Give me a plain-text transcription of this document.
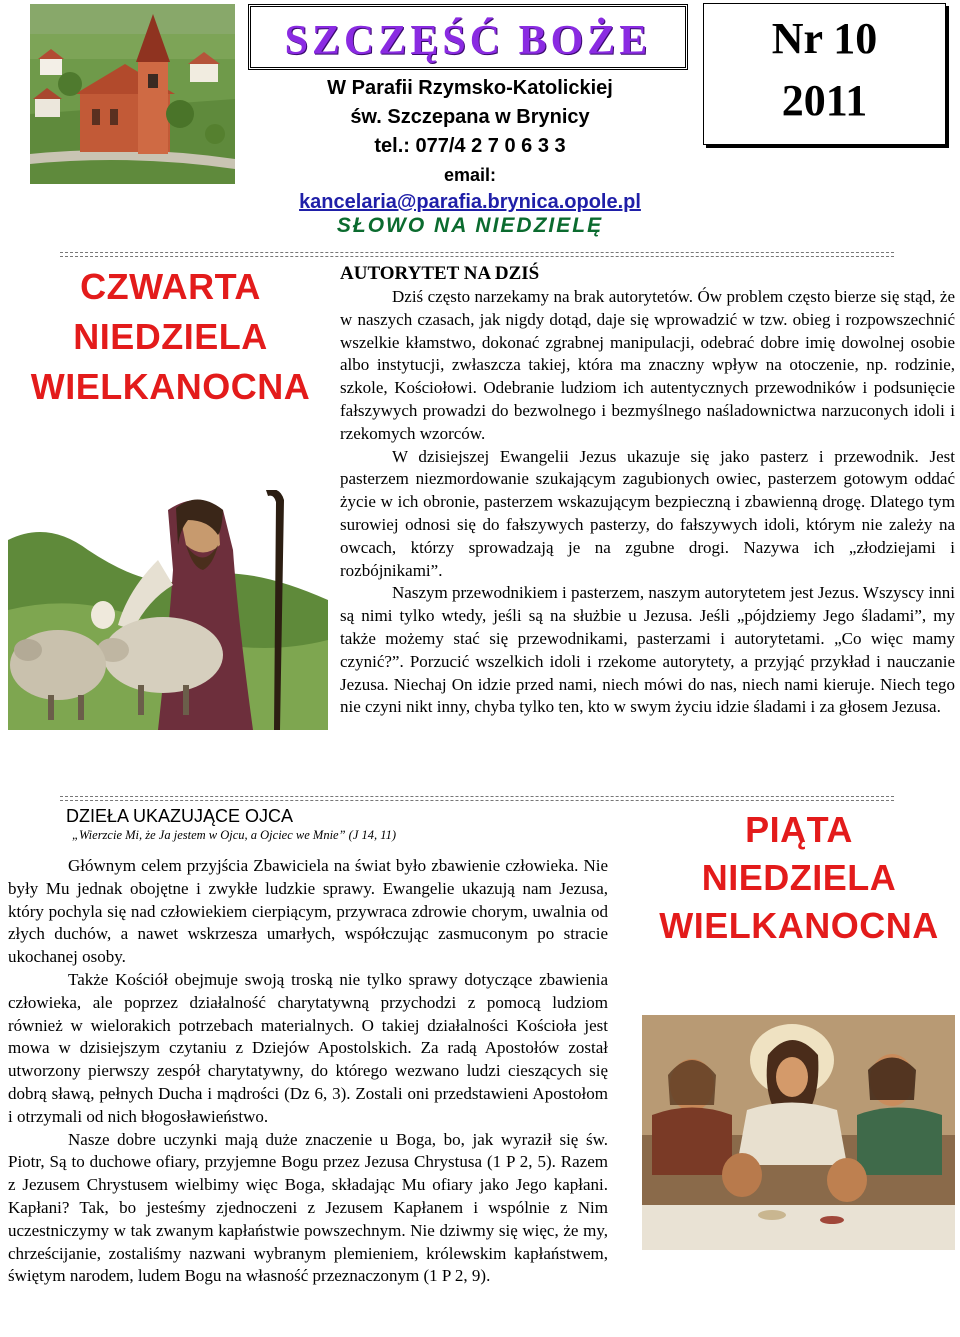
SZCZĘŚĆ BOŻE
W Parafii Rzymsko-Katolickiej
św. Szczepana w Brynicy
tel.: 077/4 2 7 0 6 3 3
email:
kancelaria@parafia.brynica.opole.pl
Nr 10
2011
SŁOWO NA NIEDZIELĘ
CZWARTA
NIEDZIELA
WIELKANOCNA
AUTORYTET NA DZIŚ

Dziś często narzekamy na brak autorytetów. Ów problem często bierze się stąd, że w naszych czasach, jak nigdy dotąd, daje się wprowadzić w tzw. obieg i rozpowszechnić wszelkie kłamstwo, dokonać zgrabnej manipulacji, odebrać dobre imię dowolnej osobie albo instytucji, zwłaszcza takiej, która ma znaczny wpływ na otoczenie, np. rodzinie, szkole, Kościołowi. Odebranie ludziom ich autentycznych przewodników i podsunięcie fałszywych prowadzi do bezwolnego i bezmyślnego naśladownictwa narzuconych idoli i rzekomych wzorców.

W dzisiejszej Ewangelii Jezus ukazuje się jako pasterz i przewodnik. Jest pasterzem niezmordowanie szukającym zagubionych owiec, pasterzem gotowym oddać życie w ich obronie, pasterzem wskazującym bezpieczną i zbawienną drogę. Dlatego tym surowiej odnosi się do fałszywych pasterzy, do fałszywych idoli, którym nie zależy na owcach, którzy sprowadzają je na zgubne drogi. Nazywa ich „złodziejami i rozbójnikami”.

Naszym przewodnikiem i pasterzem, naszym autorytetem jest Jezus. Wszyscy inni są nimi tylko wtedy, jeśli są na służbie u Jezusa. Jeśli „pójdziemy Jego śladami”, my także możemy stać się przewodnikami, pasterzami i autorytetami. „Co więc mamy czynić?”. Porzucić wszelkich idoli i rzekome autorytety, a przyjąć przykład i nauczanie Jezusa. Niechaj On idzie przed nami, niech mówi do nas, niech nami kieruje. Niech tego nie czyni nikt inny, chyba tylko ten, kto w swym życiu idzie śladami i za głosem Jezusa.

DZIEŁA UKAZUJĄCE OJCA
„Wierzcie Mi, że Ja jestem w Ojcu, a Ojciec we Mnie” (J 14, 11)

Głównym celem przyjścia Zbawiciela na świat było zbawienie człowieka. Nie były Mu jednak obojętne i zwykłe ludzkie sprawy. Ewangelie ukazują nam Jezusa, który pochyla się nad człowiekiem cierpiącym, przywraca zdrowie chorym, uwalnia od złych duchów, a nawet wskrzesza umarłych, współczując zasmuconym po stracie ukochanej osoby.

Także Kościół obejmuje swoją troską nie tylko sprawy dotyczące zbawienia człowieka, ale poprzez działalność charytatywną przychodzi z pomocą ludziom również w wielorakich potrzebach materialnych. O takiej działalności Kościoła jest mowa w dzisiejszym czytaniu z Dziejów Apostolskich. Za radą Apostołów został utworzony pierwszy zespół charytatywny, do którego wezwano ludzi cieszących się dobrą sławą, pełnych Ducha i mądrości (Dz 6, 3). Zostali oni przedstawieni Apostołom i otrzymali od nich błogosławieństwo.

Nasze dobre uczynki mają duże znaczenie u Boga, bo, jak wyraził się św. Piotr, Są to duchowe ofiary, przyjemne Bogu przez Jezusa Chrystusa (1 P 2, 5). Razem z Jezusem Chrystusem wielbimy więc Boga, składając Mu ofiary jako Jego kapłani. Kapłani? Tak, bo jesteśmy zjednoczeni z Jezusem Kapłanem i wspólnie z Nim uczestniczymy w tak zwanym kapłaństwie powszechnym. Nie dziwmy się więc, że my, chrześcijanie, zostaliśmy nazwani wybranym plemieniem, królewskim kapłaństwem, świętym narodem, ludem Bogu na własność przeznaczonym (1 P 2, 9).

PIĄTA
NIEDZIELA
WIELKANOCNA
